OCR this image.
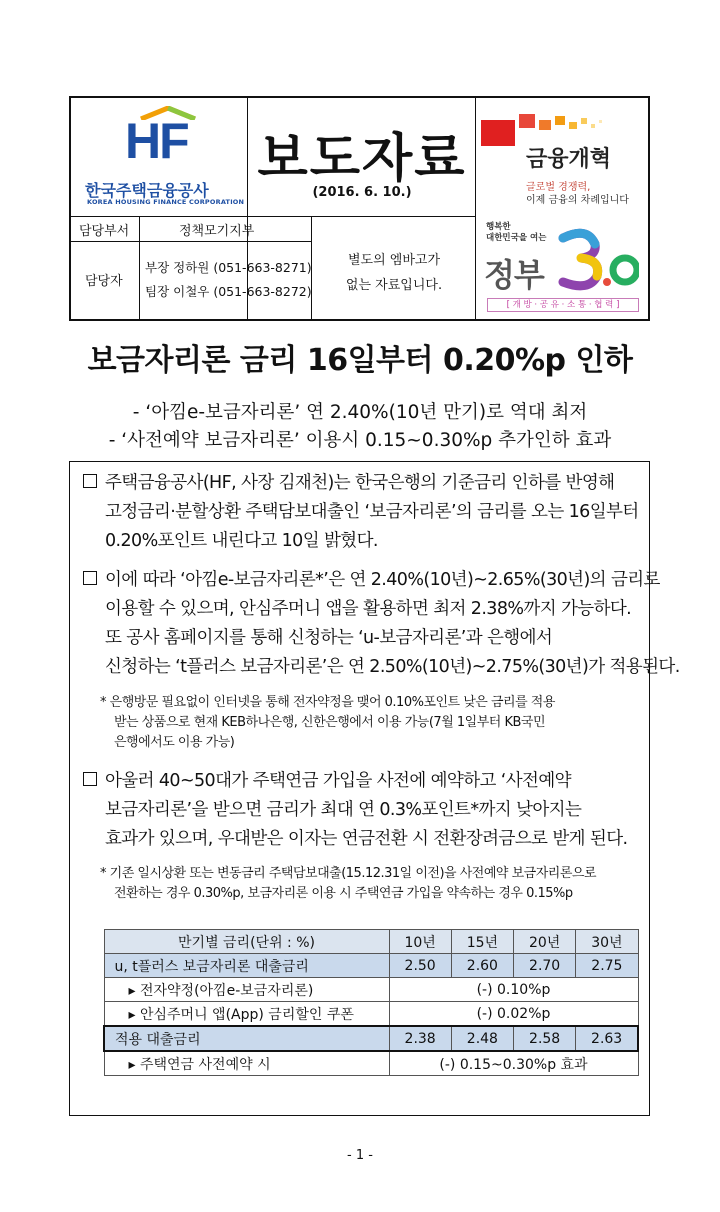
HF
한국주택금융공사
KOREA HOUSING FINANCE CORPORATION
보도자료
(2016. 6. 10.)
담당부서	정책모기지부
담당자
부장 정하원 (051-663-8271)
팀장 이철우 (051-663-8272)
별도의 엠바고가
없는 자료입니다.
금융개혁
글로벌 경쟁력,
이제 금융의 차례입니다
행복한
대한민국을 여는
정부
3.0
[ 개 방 · 공 유 · 소 통 · 협 력 ]
보금자리론 금리 16일부터 0.20%p 인하
- ‘아낌e-보금자리론’ 연 2.40%(10년 만기)로 역대 최저
- ‘사전예약 보금자리론’ 이용시 0.15~0.30%p 추가인하 효과
주택금융공사(HF, 사장 김재천)는 한국은행의 기준금리 인하를 반영해
고정금리·분할상환 주택담보대출인 ‘보금자리론’의 금리를 오는 16일부터
0.20%포인트 내린다고 10일 밝혔다.
이에 따라 ‘아낌e-보금자리론*’은 연 2.40%(10년)~2.65%(30년)의 금리로
이용할 수 있으며, 안심주머니 앱을 활용하면 최저 2.38%까지 가능하다.
또 공사 홈페이지를 통해 신청하는 ‘u-보금자리론’과 은행에서
신청하는 ‘t플러스 보금자리론’은 연 2.50%(10년)~2.75%(30년)가 적용된다.
* 은행방문 필요없이 인터넷을 통해 전자약정을 맺어 0.10%포인트 낮은 금리를 적용
받는 상품으로 현재 KEB하나은행, 신한은행에서 이용 가능(7월 1일부터 KB국민
은행에서도 이용 가능)
아울러 40~50대가 주택연금 가입을 사전에 예약하고 ‘사전예약
보금자리론’을 받으면 금리가 최대 연 0.3%포인트*까지 낮아지는
효과가 있으며, 우대받은 이자는 연금전환 시 전환장려금으로 받게 된다.
* 기존 일시상환 또는 변동금리 주택담보대출(15.12.31일 이전)을 사전예약 보금자리론으로
전환하는 경우 0.30%p, 보금자리론 이용 시 주택연금 가입을 약속하는 경우 0.15%p
만기별 금리(단위 : %)	10년	15년	20년	30년
u, t플러스 보금자리론 대출금리	2.50	2.60	2.70	2.75
▸ 전자약정(아낌e-보금자리론)	(-) 0.10%p			
▸ 안심주머니 앱(App) 금리할인 쿠폰	(-) 0.02%p			
적용 대출금리	2.38	2.48	2.58	2.63
▸ 주택연금 사전예약 시	(-) 0.15~0.30%p 효과			
- 1 -
